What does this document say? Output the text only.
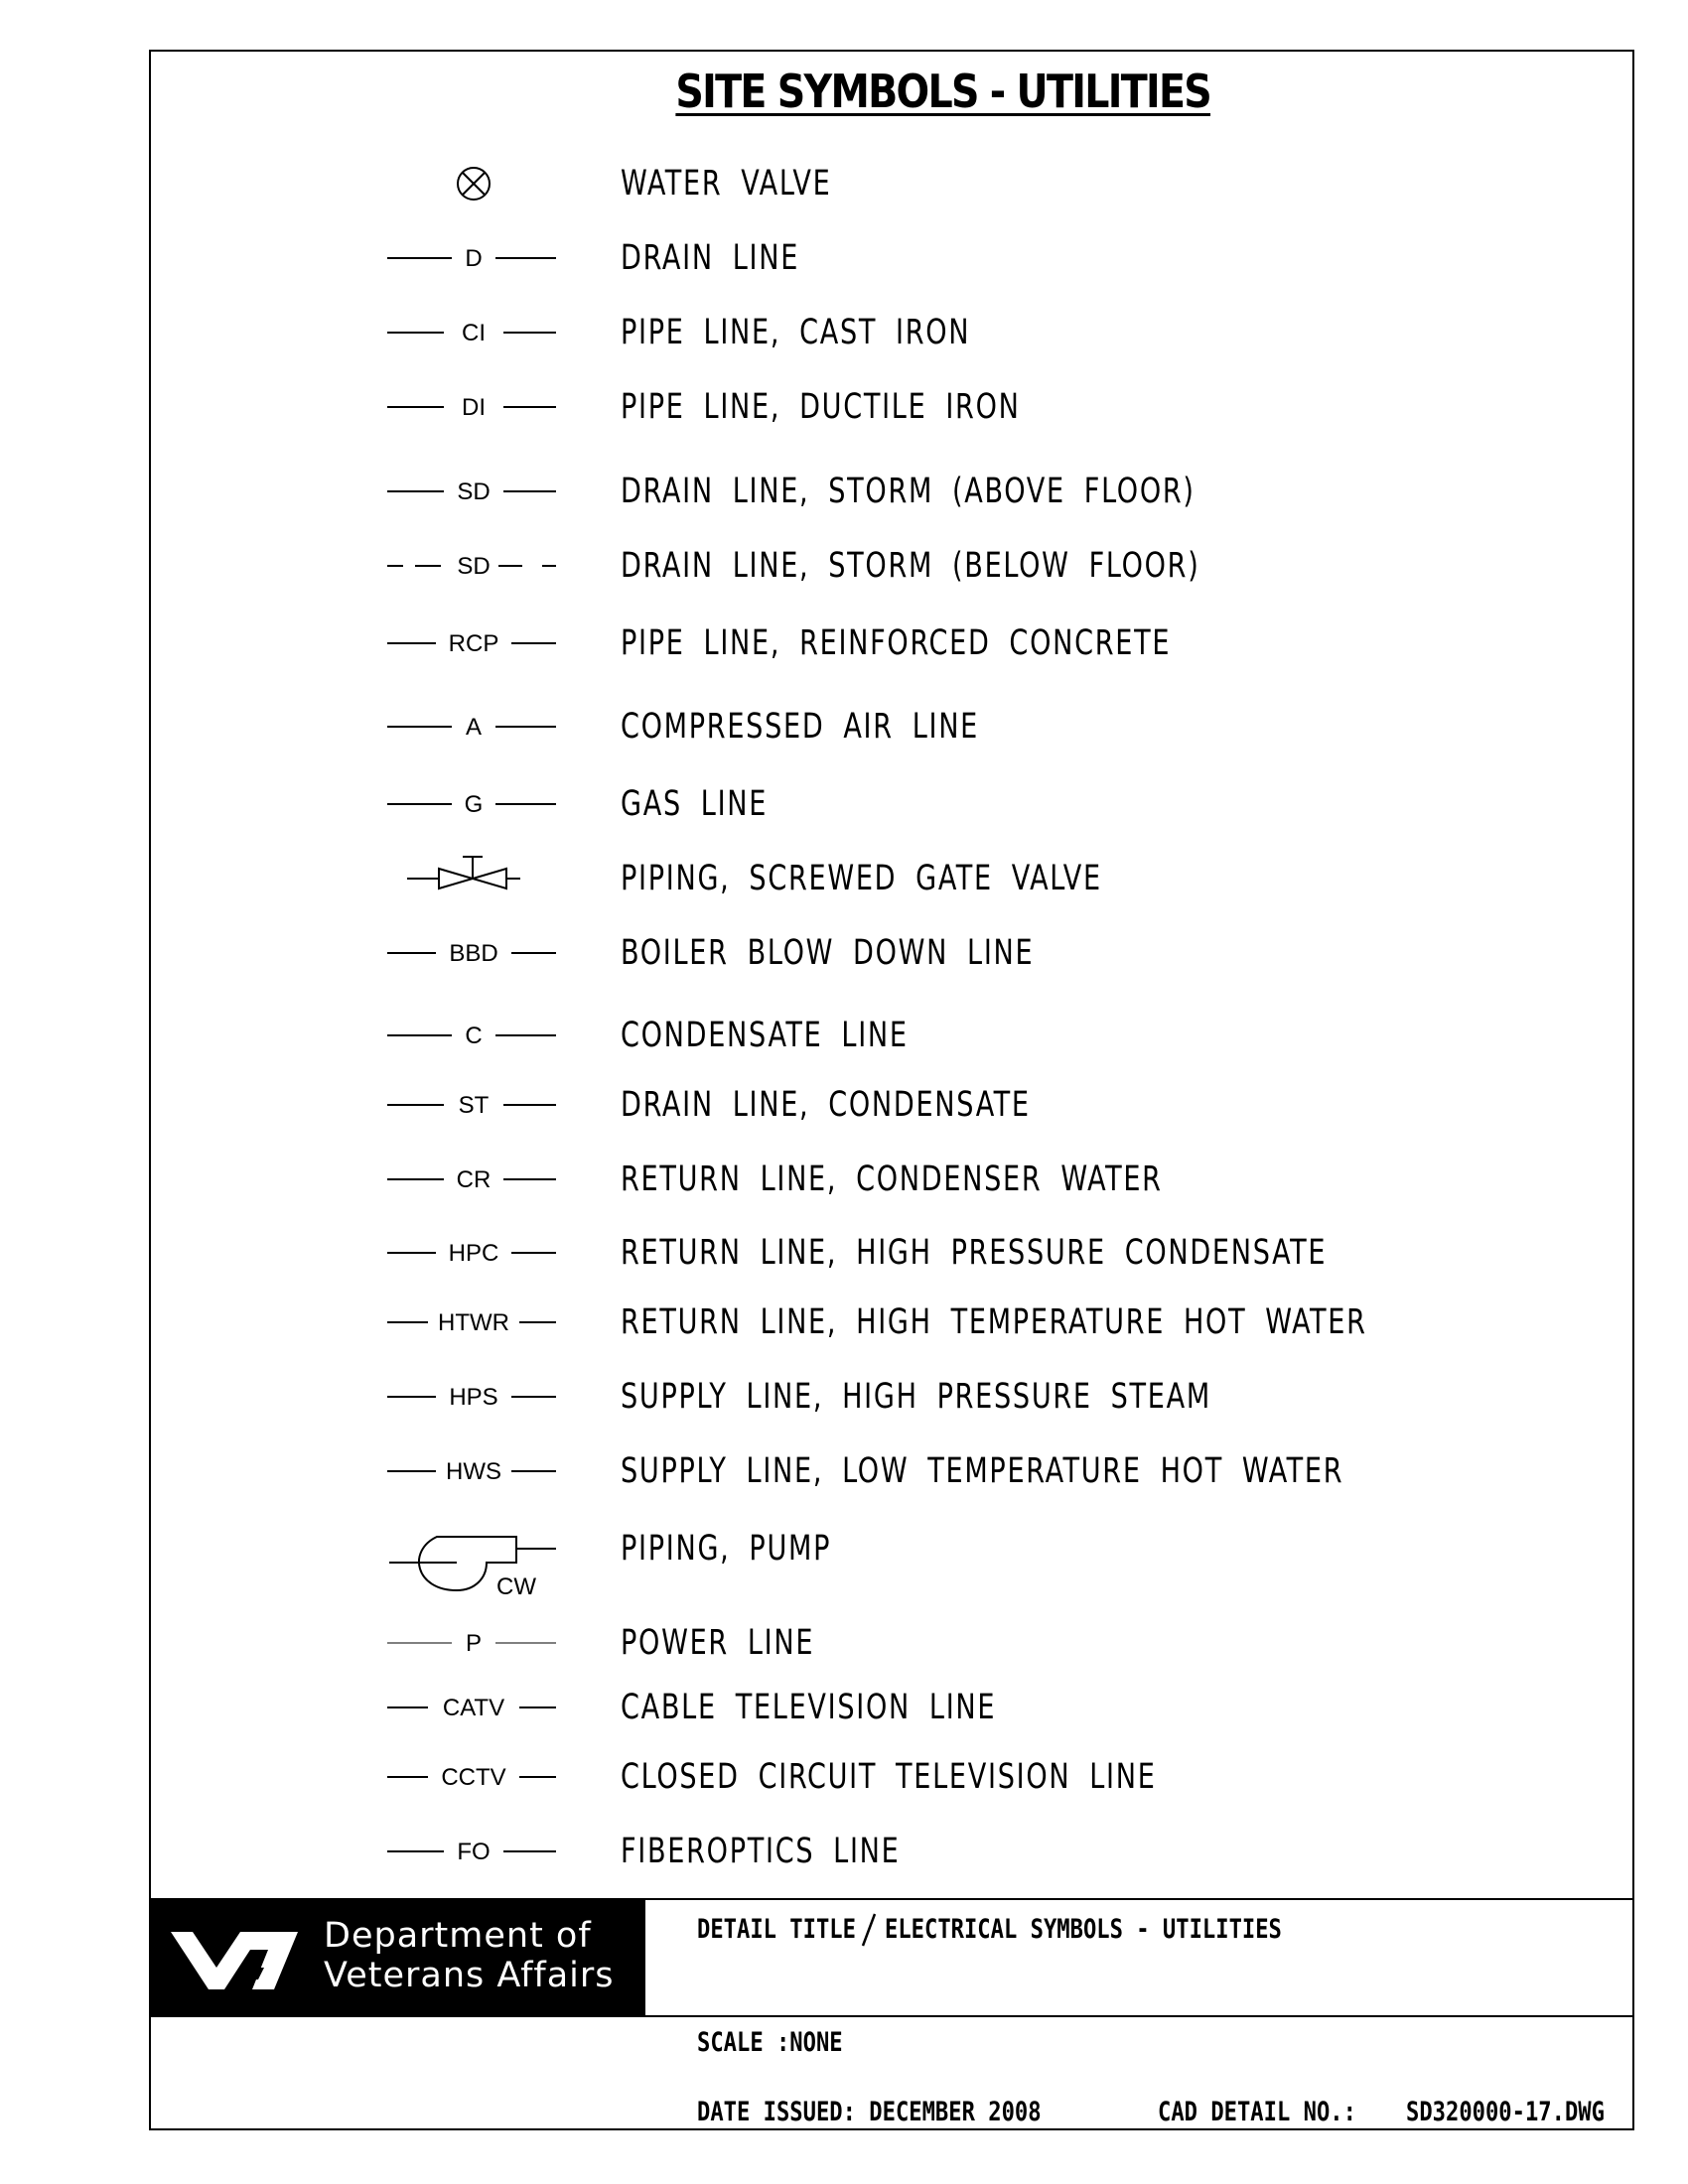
SITE SYMBOLS - UTILITIES
WATER VALVE
D	DRAIN LINE
CI	PIPE LINE, CAST IRON
DI	PIPE LINE, DUCTILE IRON
SD	DRAIN LINE, STORM (ABOVE FLOOR)
SD	DRAIN LINE, STORM (BELOW FLOOR)
RCP	PIPE LINE, REINFORCED CONCRETE
A	COMPRESSED AIR LINE
G	GAS LINE
PIPING, SCREWED GATE VALVE
BBD	BOILER BLOW DOWN LINE
C	CONDENSATE LINE
ST	DRAIN LINE, CONDENSATE
CR	RETURN LINE, CONDENSER WATER
HPC	RETURN LINE, HIGH PRESSURE CONDENSATE
HTWR	RETURN LINE, HIGH TEMPERATURE HOT WATER
HPS	SUPPLY LINE, HIGH PRESSURE STEAM
HWS	SUPPLY LINE, LOW TEMPERATURE HOT WATER
CW
PIPING, PUMP
P	POWER LINE
CATV	CABLE TELEVISION LINE
CCTV	CLOSED CIRCUIT TELEVISION LINE
FO	FIBEROPTICS LINE
Department of
Veterans Affairs
DETAIL TITLE ELECTRICAL SYMBOLS - UTILITIES
SCALE :NONE
DATE ISSUED: DECEMBER 2008	CAD DETAIL NO.: SD320000-17.DWG
